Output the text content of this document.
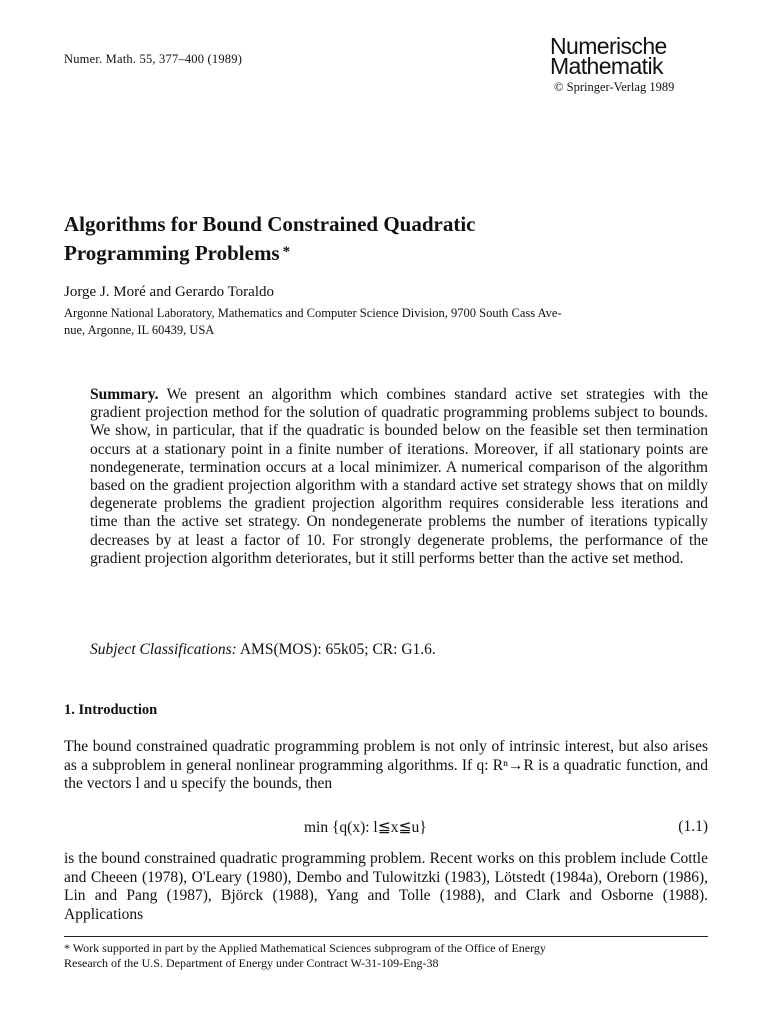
Numer. Math. 55, 377–400 (1989)	Numerische
Mathematik
© Springer-Verlag 1989
Algorithms for Bound Constrained Quadratic
Programming Problems *
Jorge J. Moré and Gerardo Toraldo
Argonne National Laboratory, Mathematics and Computer Science Division, 9700 South Cass Ave-
nue, Argonne, IL 60439, USA
Summary. We present an algorithm which combines standard active set strategies with the gradient projection method for the solution of quadratic programming problems subject to bounds. We show, in particular, that if the quadratic is bounded below on the feasible set then termination occurs at a stationary point in a finite number of iterations. Moreover, if all stationary points are nondegenerate, termination occurs at a local minimizer. A numerical comparison of the algorithm based on the gradient projection algorithm with a standard active set strategy shows that on mildly degenerate problems the gradient projection algorithm requires considerable less iterations and time than the active set strategy. On nondegenerate problems the number of iterations typically decreases by at least a factor of 10. For strongly degenerate problems, the performance of the gradient projection algorithm deteriorates, but it still performs better than the active set method.
Subject Classifications: AMS(MOS): 65k05; CR: G1.6.
1. Introduction
The bound constrained quadratic programming problem is not only of intrinsic interest, but also arises as a subproblem in general nonlinear programming algorithms. If q: Rⁿ→R is a quadratic function, and the vectors l and u specify the bounds, then
min {q(x): l≦x≦u}	(1.1)
is the bound constrained quadratic programming problem. Recent works on this problem include Cottle and Cheeen (1978), O'Leary (1980), Dembo and Tulowitzki (1983), Lötstedt (1984a), Oreborn (1986), Lin and Pang (1987), Björck (1988), Yang and Tolle (1988), and Clark and Osborne (1988). Applications
* Work supported in part by the Applied Mathematical Sciences subprogram of the Office of Energy
Research of the U.S. Department of Energy under Contract W-31-109-Eng-38
